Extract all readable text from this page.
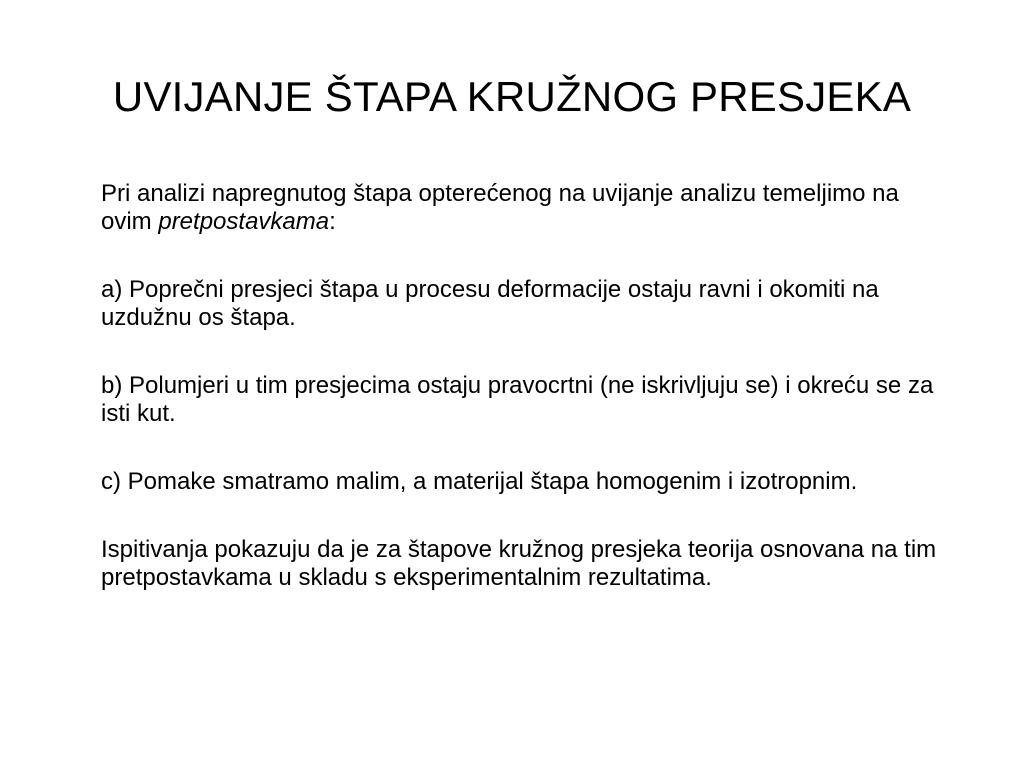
UVIJANJE ŠTAPA KRUŽNOG PRESJEKA

Pri analizi napregnutog štapa opterećenog na uvijanje analizu temeljimo na ovim pretpostavkama:

a) Poprečni presjeci štapa u procesu deformacije ostaju ravni i okomiti na uzdužnu os štapa.

b) Polumjeri u tim presjecima ostaju pravocrtni (ne iskrivljuju se) i okreću se za isti kut.

c) Pomake smatramo malim, a materijal štapa homogenim i izotropnim.

Ispitivanja pokazuju da je za štapove kružnog presjeka teorija osnovana na tim pretpostavkama u skladu s eksperimentalnim rezultatima.
